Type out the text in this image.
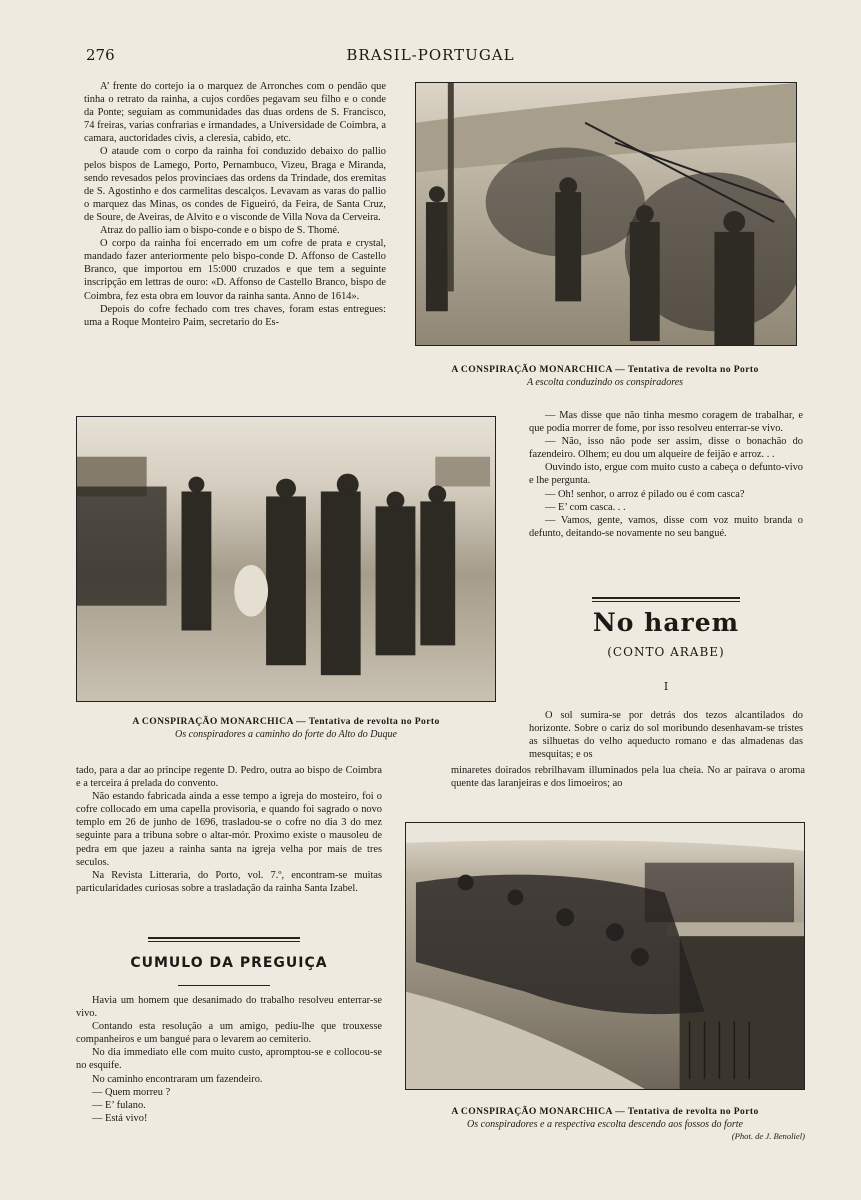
276	BRASIL-PORTUGAL

A’ frente do cortejo ia o marquez de Arronches com o pendão que tinha o retrato da rainha, a cujos cordões pegavam seu filho e o conde da Ponte; seguiam as communidades das duas ordens de S. Francisco, 74 freiras, varias confrarias e irmandades, a Universidade de Coimbra, a camara, auctoridades civis, a cleresia, cabido, etc.

O ataude com o corpo da rainha foi conduzido debaixo do pallio pelos bispos de Lamego, Porto, Pernambuco, Vizeu, Braga e Miranda, sendo revesados pelos provinciaes das ordens da Trindade, dos eremitas de S. Agostinho e dos carmelitas descalços. Levavam as varas do pallio o marquez das Minas, os condes de Figueiró, da Feira, de Santa Cruz, de Soure, de Aveiras, de Alvito e o visconde de Villa Nova da Cerveira.

Atraz do pallio iam o bispo-conde e o bispo de S. Thomé.

O corpo da rainha foi encerrado em um cofre de prata e crystal, mandado fazer anteriormente pelo bispo-conde D. Affonso de Castello Branco, que importou em 15:000 cruzados e que tem a seguinte inscripção em lettras de ouro: «D. Affonso de Castello Branco, bispo de Coimbra, fez esta obra em louvor da rainha santa. Anno de 1614».

Depois do cofre fechado com tres chaves, foram estas entregues: uma a Roque Monteiro Paim, secretario do Es-

A CONSPIRAÇÃO MONARCHICA — Tentativa de revolta no Porto
A escolta conduzindo os conspiradores
A CONSPIRAÇÃO MONARCHICA — Tentativa de revolta no Porto
Os conspiradores a caminho do forte do Alto do Duque

— Mas disse que não tinha mesmo coragem de trabalhar, e que podia morrer de fome, por isso resolveu enterrar-se vivo.

— Não, isso não pode ser assim, disse o bonachão do fazendeiro. Olhem; eu dou um alqueire de feijão e arroz. . .

Ouvindo isto, ergue com muito custo a cabeça o defunto-vivo e lhe pergunta.

— Oh! senhor, o arroz é pilado ou é com casca?

— E’ com casca. . .

— Vamos, gente, vamos, disse com voz muito branda o defunto, deitando-se novamente no seu bangué.

No harem
(CONTO ARABE)
I

O sol sumira-se por detrás dos tezos alcantilados do horizonte. Sobre o cariz do sol moribundo desenhavam-se tristes as silhuetas do velho aqueducto romano e das almadenas das mesquitas; e os

tado, para a dar ao principe regente D. Pedro, outra ao bispo de Coimbra e a terceira á prelada do convento.

Não estando fabricada ainda a esse tempo a igreja do mosteiro, foi o cofre collocado em uma capella provisoria, e quando foi sagrado o novo templo em 26 de junho de 1696, trasladou-se o cofre no dia 3 do mez seguinte para a tribuna sobre o altar-mór. Proximo existe o mausoleu de pedra em que jazeu a rainha santa na igreja velha por mais de tres seculos.

Na Revista Litteraria, do Porto, vol. 7.º, encontram-se muitas particularidades curiosas sobre a trasladação da rainha Santa Izabel.

minaretes doirados rebrilhavam illuminados pela lua cheia. No ar pairava o aroma quente das laranjeiras e dos limoeiros; ao

CUMULO DA PREGUIÇA

Havia um homem que desanimado do trabalho resolveu enterrar-se vivo.

Contando esta resolução a um amigo, pediu-lhe que trouxesse companheiros e um bangué para o levarem ao cemiterio.

No dia immediato elle com muito custo, apromptou-se e collocou-se no esquife.

No caminho encontraram um fazendeiro.

— Quem morreu ?

— E’ fulano.

— Está vivo!

A CONSPIRAÇÃO MONARCHICA — Tentativa de revolta no Porto
Os conspiradores e a respectiva escolta descendo aos fossos do forte
(Phot. de J. Benoliel)
